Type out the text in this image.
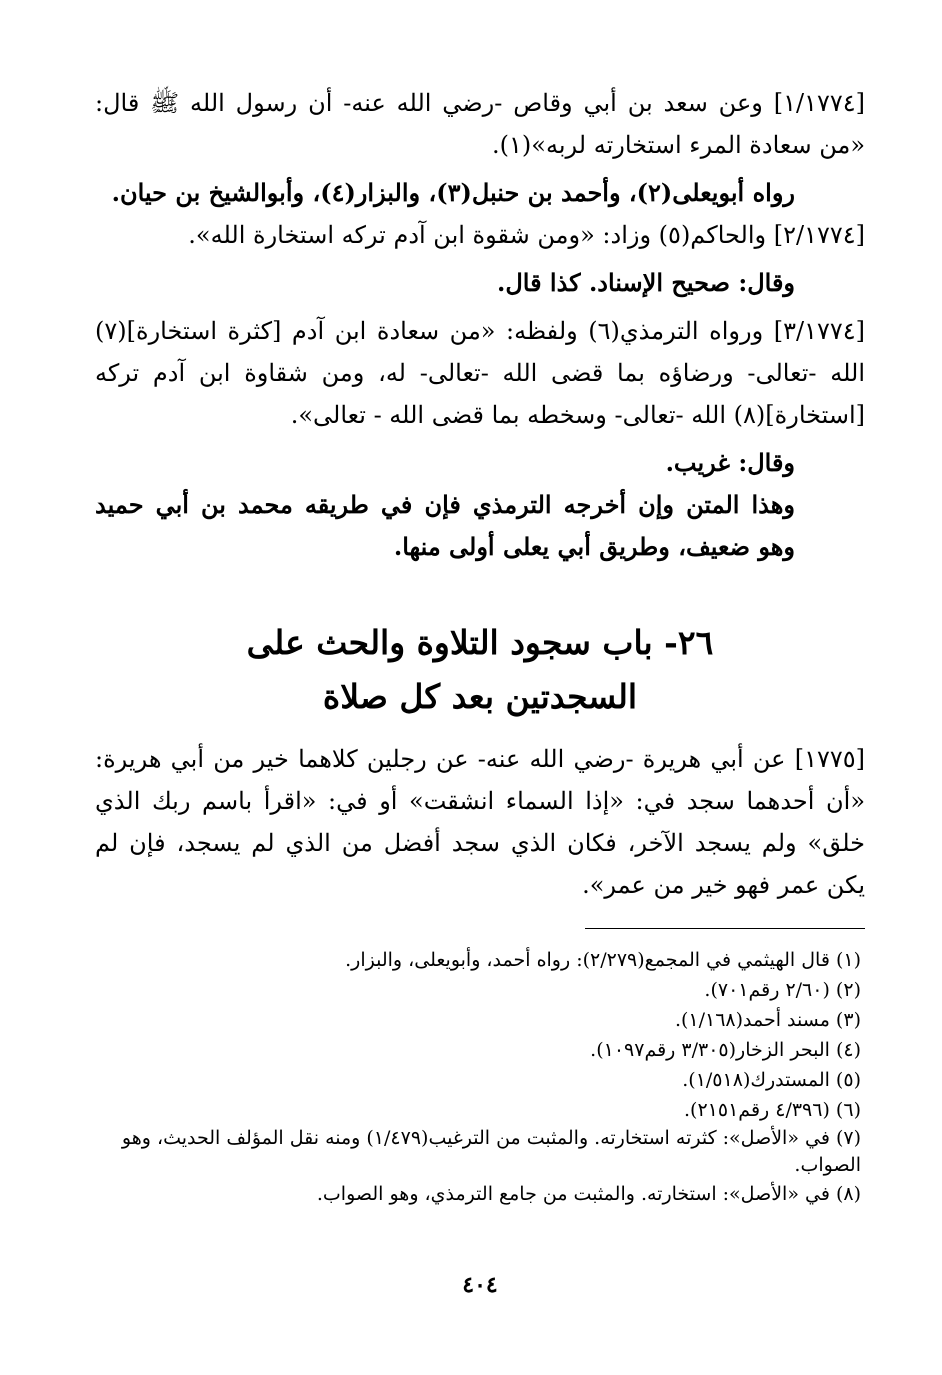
[١/١٧٧٤] وعن سعد بن أبي وقاص -رضي الله عنه- أن رسول الله ﷺ قال: «من سعادة المرء استخارته لربه»(١).

رواه أبويعلى(٢)، وأحمد بن حنبل(٣)، والبزار(٤)، وأبوالشيخ بن حيان.

[٢/١٧٧٤] والحاكم(٥) وزاد: «ومن شقوة ابن آدم تركه استخارة الله».

وقال: صحيح الإسناد. كذا قال.

[٣/١٧٧٤] ورواه الترمذي(٦) ولفظه: «من سعادة ابن آدم [كثرة استخارة](٧) الله -تعالى- ورضاؤه بما قضى الله -تعالى- له، ومن شقاوة ابن آدم تركه [استخارة](٨) الله -تعالى- وسخطه بما قضى الله - تعالى».

وقال: غريب.

وهذا المتن وإن أخرجه الترمذي فإن في طريقه محمد بن أبي حميد وهو ضعيف، وطريق أبي يعلى أولى منها.

٢٦- باب سجود التلاوة والحث على
السجدتين بعد كل صلاة

[١٧٧٥] عن أبي هريرة -رضي الله عنه- عن رجلين كلاهما خير من أبي هريرة: «أن أحدهما سجد في: «إذا السماء انشقت» أو في: «اقرأ باسم ربك الذي خلق» ولم يسجد الآخر، فكان الذي سجد أفضل من الذي لم يسجد، فإن لم يكن عمر فهو خير من عمر».

(١) قال الهيثمي في المجمع(٢/٢٧٩): رواه أحمد، وأبويعلى، والبزار.

(٢) (٢/٦٠ رقم٧٠١).

(٣) مسند أحمد(١/١٦٨).

(٤) البحر الزخار(٣/٣٠٥ رقم١٠٩٧).

(٥) المستدرك(١/٥١٨).

(٦) (٤/٣٩٦ رقم٢١٥١).

(٧) في «الأصل»: كثرته استخارته. والمثبت من الترغيب(١/٤٧٩) ومنه نقل المؤلف الحديث، وهو الصواب.

(٨) في «الأصل»: استخارته. والمثبت من جامع الترمذي، وهو الصواب.

٤٠٤
